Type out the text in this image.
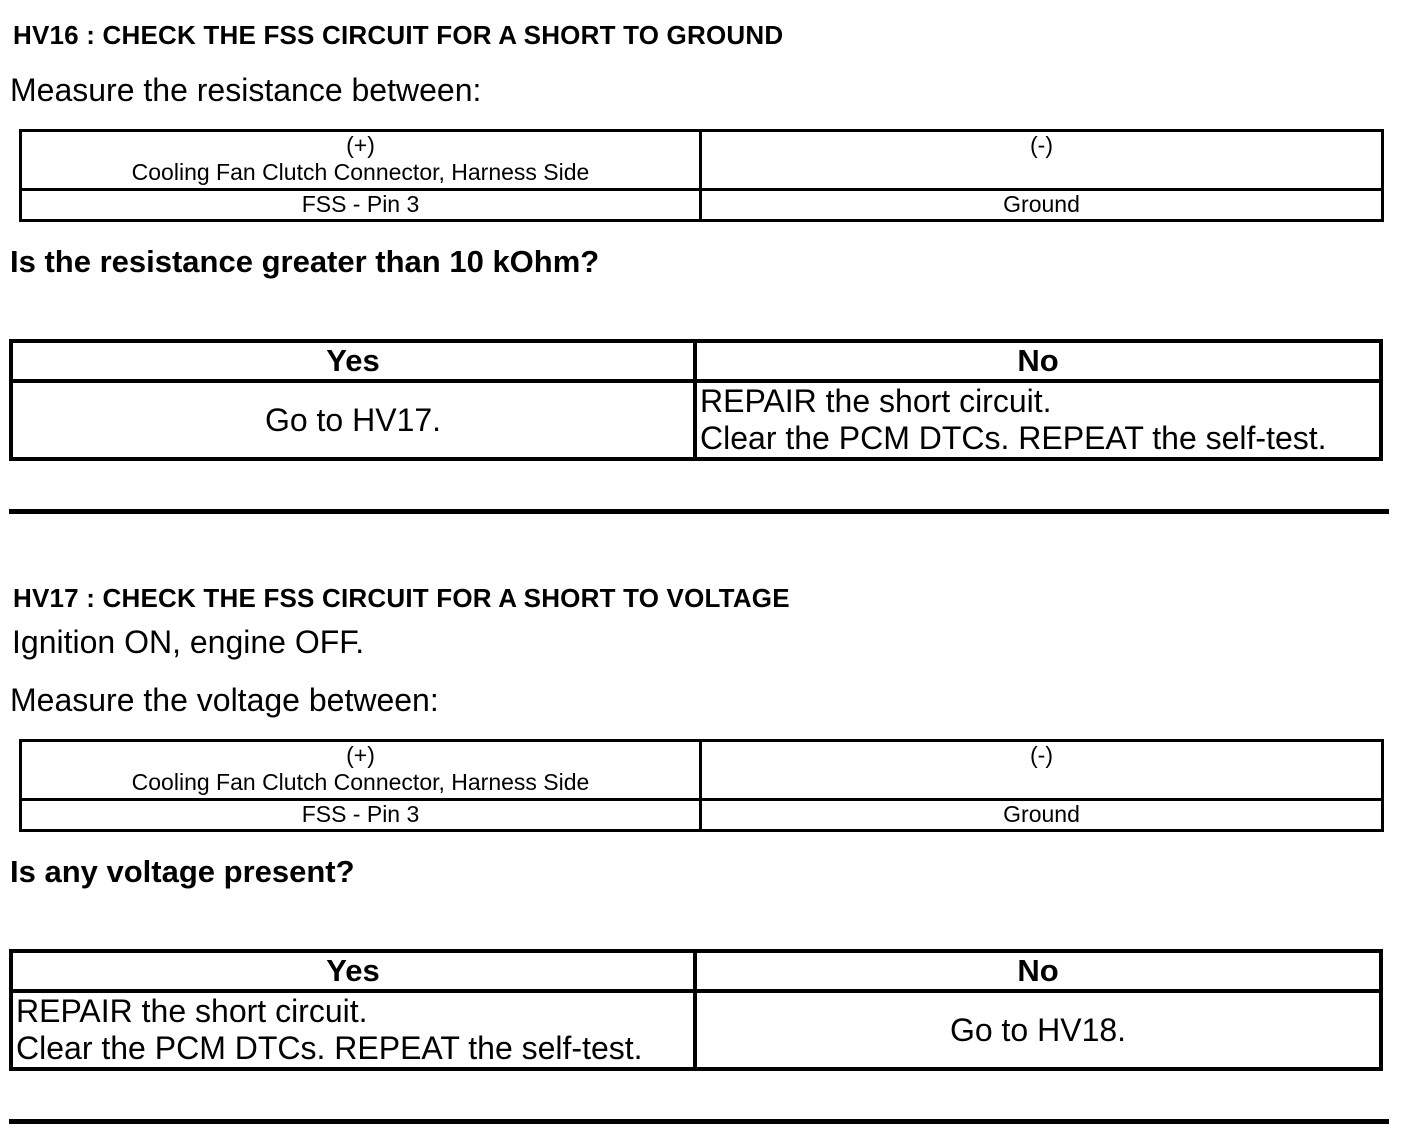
HV16 : CHECK THE FSS CIRCUIT FOR A SHORT TO GROUND
Measure the resistance between:
(+)
Cooling Fan Clutch Connector, Harness Side	(-)

FSS - Pin 3	Ground
Is the resistance greater than 10 kOhm?
Yes	No

Go to HV17.	REPAIR the short circuit.
Clear the PCM DTCs. REPEAT the self-test.
HV17 : CHECK THE FSS CIRCUIT FOR A SHORT TO VOLTAGE
Ignition ON, engine OFF.
Measure the voltage between:
(+)
Cooling Fan Clutch Connector, Harness Side	(-)

FSS - Pin 3	Ground
Is any voltage present?
Yes	No

REPAIR the short circuit.
Clear the PCM DTCs. REPEAT the self-test.	Go to HV18.
